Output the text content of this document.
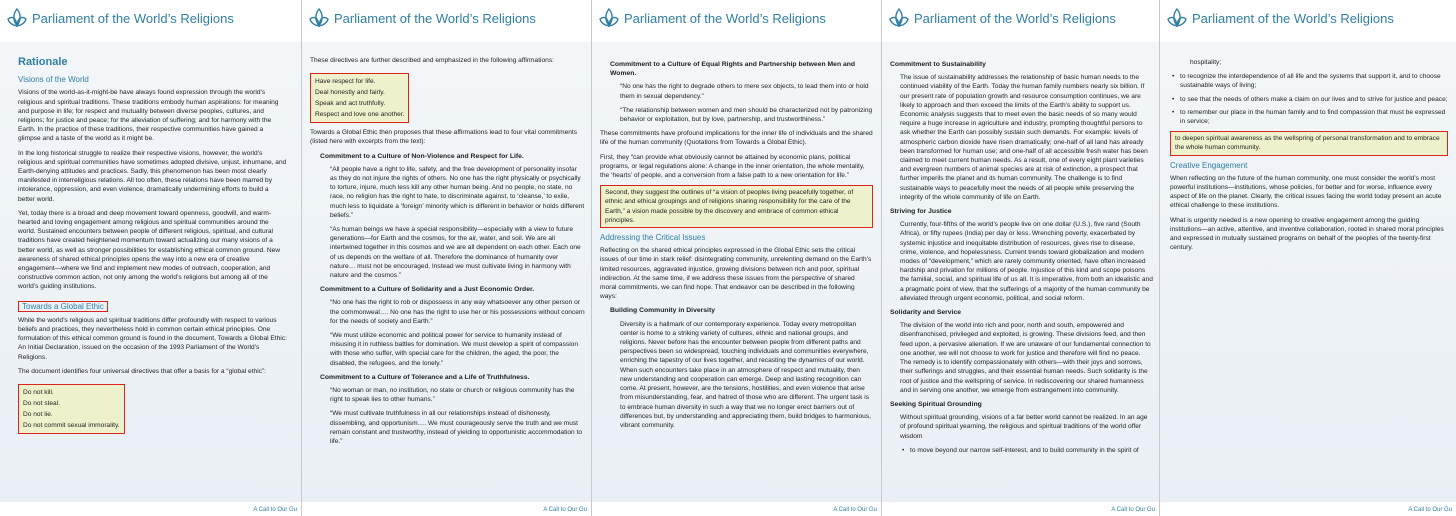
Parliament of the World’s Religions
Rationale
Visions of the World

Visions of the world-as-it-might-be have always found expression through the world’s religious and spiritual traditions. These traditions embody human aspirations: for meaning and purpose in life; for respect and mutuality between diverse peoples, cultures, and religions; for justice and peace; for the alleviation of suffering; and for harmony with the Earth. In the practice of these traditions, their respective communities have gained a glimpse and a taste of the world as it might be.

In the long historical struggle to realize their respective visions, however, the world’s religious and spiritual communities have sometimes adopted divisive, unjust, inhumane, and Earth-denying attitudes and practices. Sadly, this phenomenon has been most clearly manifested in interreligious relations. All too often, these relations have been marred by intolerance, oppression, and even violence, dramatically undermining efforts to build a better world.

Yet, today there is a broad and deep movement toward openness, goodwill, and warm-hearted and loving engagement among religious and spiritual communities around the world. Sustained encounters between people of different religious, spiritual, and cultural traditions have created heightened momentum toward actualizing our many visions of a better world, as well as stronger possibilities for establishing ethical common ground. New awareness of shared ethical principles opens the way into a new era of creative engagement—where we find and implement new modes of outreach, cooperation, and constructive common action, not only among the world’s religions but among all of the world’s guiding institutions.

Towards a Global Ethic

While the world’s religious and spiritual traditions differ profoundly with respect to various beliefs and practices, they nevertheless hold in common certain ethical principles. One formulation of this ethical common ground is found in the document, Towards a Global Ethic: An Initial Declaration, issued on the occasion of the 1993 Parliament of the World’s Religions.

The document identifies four universal directives that offer a basis for a “global ethic”:

Do not kill.
Do not steal.
Do not lie.
Do not commit sexual immorality.
A Call to Our Gu
Parliament of the World’s Religions

These directives are further described and emphasized in the following affirmations:

Have respect for life.
Deal honestly and fairly.
Speak and act truthfully.
Respect and love one another.

Towards a Global Ethic then proposes that these affirmations lead to four vital commitments (listed here with excerpts from the text):

Commitment to a Culture of Non-Violence and Respect for Life.

“All people have a right to life, safety, and the free development of personality insofar as they do not injure the rights of others. No one has the right physically or psychically to torture, injure, much less kill any other human being. And no people, no state, no race, no religion has the right to hate, to discriminate against, to ‘cleanse,’ to exile, much less to liquidate a ‘foreign’ minority which is different in behavior or holds different beliefs.”

“As human beings we have a special responsibility—especially with a view to future generations—for Earth and the cosmos, for the air, water, and soil. We are all intertwined together in this cosmos and we are all dependent on each other. Each one of us depends on the welfare of all. Therefore the dominance of humanity over nature… must not be encouraged. Instead we must cultivate living in harmony with nature and the cosmos.”

Commitment to a Culture of Solidarity and a Just Economic Order.

“No one has the right to rob or dispossess in any way whatsoever any other person or the commonweal…. No one has the right to use her or his possessions without concern for the needs of society and Earth.”

“We must utilize economic and political power for service to humanity instead of misusing it in ruthless battles for domination. We must develop a spirit of compassion with those who suffer, with special care for the children, the aged, the poor, the disabled, the refugees, and the lonely.”

Commitment to a Culture of Tolerance and a Life of Truthfulness.

“No woman or man, no institution, no state or church or religious community has the right to speak lies to other humans.”

“We must cultivate truthfulness in all our relationships instead of dishonesty, dissembling, and opportunism…. We must courageously serve the truth and we must remain constant and trustworthy, instead of yielding to opportunistic accommodation to life.”

A Call to Our Gu
Parliament of the World’s Religions
Commitment to a Culture of Equal Rights and Partnership between Men and Women.

“No one has the right to degrade others to mere sex objects, to lead them into or hold them in sexual dependency.”

“The relationship between women and men should be characterized not by patronizing behavior or exploitation, but by love, partnership, and trustworthiness.”

These commitments have profound implications for the inner life of individuals and the shared life of the human community (Quotations from Towards a Global Ethic).

First, they “can provide what obviously cannot be attained by economic plans, political programs, or legal regulations alone: A change in the inner orientation, the whole mentality, the ‘hearts’ of people, and a conversion from a false path to a new orientation for life.”

Second, they suggest the outlines of “a vision of peoples living peacefully together, of ethnic and ethical groupings and of religions sharing responsibility for the care of the Earth,” a vision made possible by the discovery and embrace of common ethical principles.
Addressing the Critical Issues

Reflecting on the shared ethical principles expressed in the Global Ethic sets the critical issues of our time in stark relief: disintegrating community, unrelenting demand on the Earth’s limited resources, aggravated injustice, growing divisions between rich and poor, spiritual indirection. At the same time, if we address these issues from the perspective of shared moral commitments, we can find hope. That endeavor can be described in the following ways:

Building Community in Diversity

Diversity is a hallmark of our contemporary experience. Today every metropolitan center is home to a striking variety of cultures, ethnic and national groups, and religions. Never before has the encounter between people from different paths and perspectives been so widespread, touching individuals and communities everywhere, enriching the tapestry of our lives together, and recasting the dynamics of our world. When such encounters take place in an atmosphere of respect and mutuality, then new understanding and cooperation can emerge. Deep and lasting recognition can come. At present, however, are the tensions, hostilities, and even violence that arise from misunderstanding, fear, and hatred of those who are different. The urgent task is to embrace human diversity in such a way that we no longer erect barriers out of differences but, by understanding and appreciating them, build bridges to harmonious, vibrant community.

A Call to Our Gu
Parliament of the World’s Religions
Commitment to Sustainability

The issue of sustainability addresses the relationship of basic human needs to the continued viability of the Earth. Today the human family numbers nearly six billion. If our present rate of population growth and resource consumption continues, we are likely to approach and then exceed the limits of the Earth’s ability to support us. Economic analysis suggests that to meet even the basic needs of so many would require a huge increase in agriculture and industry, prompting thoughtful persons to ask whether the Earth can possibly sustain such demands. For example: levels of atmospheric carbon dioxide have risen dramatically; one-half of all land has already been transformed for human use; and one-half of all accessible fresh water has been claimed to meet current human needs. As a result, one of every eight plant varieties and evergreen numbers of animal species are at risk of extinction, a prospect that further imperils the planet and its human community. The challenge is to find sustainable ways to peacefully meet the needs of all people while preserving the integrity of the whole community of life on Earth.

Striving for Justice

Currently, four-fifths of the world’s people live on one dollar (U.S.), five rand (South Africa), or fifty rupees (India) per day or less. Wrenching poverty, exacerbated by systemic injustice and inequitable distribution of resources, gives rise to disease, crime, violence, and hopelessness. Current trends toward globalization and modern modes of “development,” which are rarely community oriented, have often increased hardship and privation for millions of people. Injustice of this kind and scope poisons the familial, social, and spiritual life of us all. It is imperative, from both an idealistic and a pragmatic point of view, that the sufferings of a majority of the human community be alleviated through urgent economic, political, and social reform.

Solidarity and Service

The division of the world into rich and poor, north and south, empowered and disenfranchised, privileged and exploited, is growing. These divisions feed, and then feed upon, a pervasive alienation. If we are unaware of our fundamental connection to one another, we will not choose to work for justice and therefore will find no peace. The remedy is to identify compassionately with others—with their joys and sorrows, their sufferings and struggles, and their essential human needs. Such solidarity is the root of justice and the wellspring of service. In rediscovering our shared humanness and in serving one another, we emerge from estrangement into community.

Seeking Spiritual Grounding

Without spiritual grounding, visions of a far better world cannot be realized. In an age of profound spiritual yearning, the religious and spiritual traditions of the world offer wisdom

• to move beyond our narrow self-interest, and to build community in the spirit of
A Call to Our Gu
Parliament of the World’s Religions

hospitality;

• to recognize the interdependence of all life and the systems that support it, and to choose sustainable ways of living;
• to see that the needs of others make a claim on our lives and to strive for justice and peace;
• to remember our place in the human family and to find compassion that must be expressed in service;
to deepen spiritual awareness as the wellspring of personal transformation and to embrace the whole human community.
Creative Engagement

When reflecting on the future of the human community, one must consider the world’s most powerful institutions—institutions, whose policies, for better and for worse, influence every aspect of life on the planet. Clearly, the critical issues facing the world today present an acute ethical challenge to these institutions.

What is urgently needed is a new opening to creative engagement among the guiding institutions—an active, attentive, and inventive collaboration, rooted in shared moral principles and expressed in mutually sustained programs on behalf of the peoples of the twenty-first century.

A Call to Our Gu
